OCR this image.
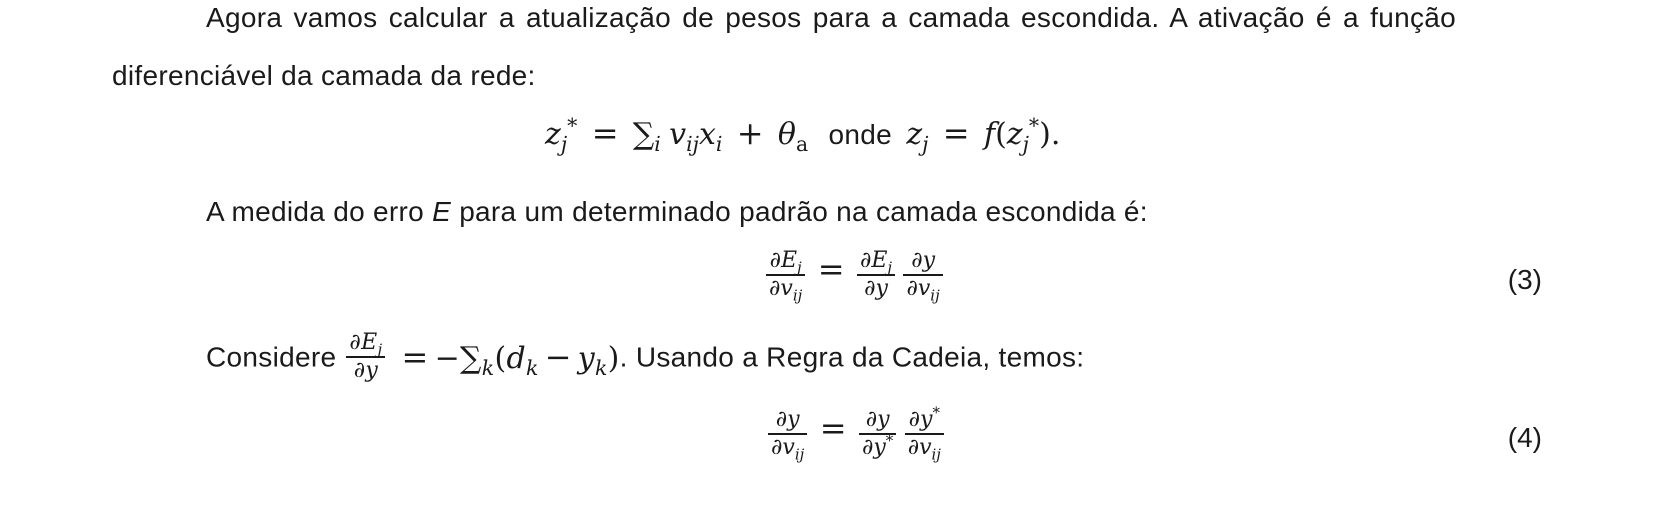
Agora vamos calcular a atualização de pesos para a camada escondida. A ativação é a função
diferenciável da camada da rede:
$z_j^* = \sum_i$ $v_{ij}x_i + \theta_a$ onde $z_j = f(z_j^*)$.
A medida do erro E para um determinado padrão na camada escondida é:
$\frac{\partial E_j}{\partial v_{ij}} = \frac{\partial E_j}{\partial y}$
$\frac{\partial y}{\partial v_{ij}}$	(3)
Considere $\frac{\partial E_j}{\partial y} = -\sum_k(d_k - y_k)$. Usando a Regra da Cadeia, temos:
$\frac{\partial y}{\partial v_{ij}} = \frac{\partial y}{\partial y^*}$
$\frac{\partial y^*}{\partial v_{ij}}$	(4)
